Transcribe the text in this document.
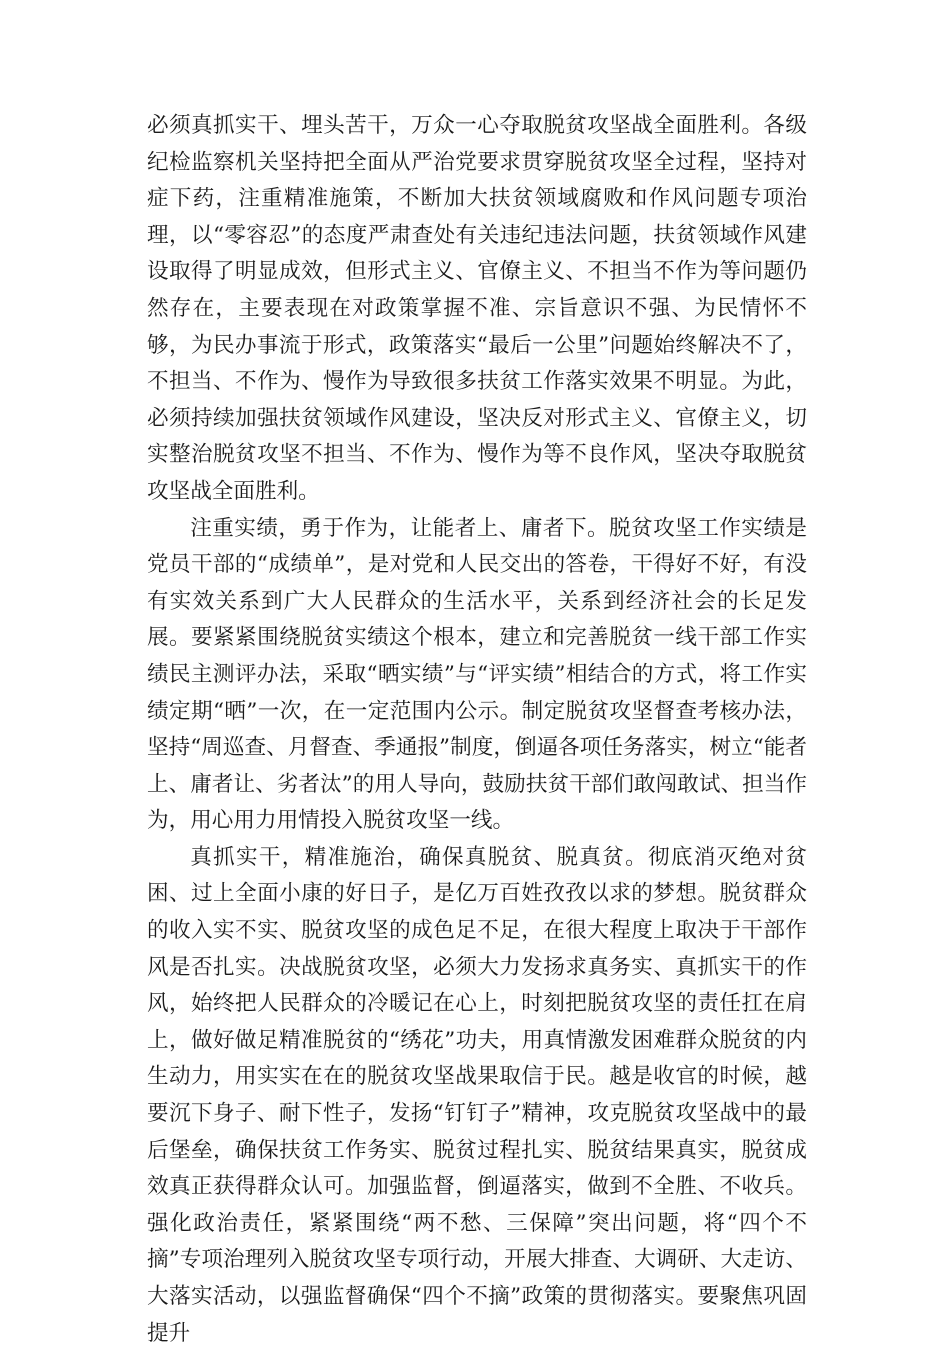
必须真抓实干、埋头苦干，万众一心夺取脱贫攻坚战全面胜利。各级纪检监察机关坚持把全面从严治党要求贯穿脱贫攻坚全过程，坚持对症下药，注重精准施策，不断加大扶贫领域腐败和作风问题专项治理，以“零容忍”的态度严肃查处有关违纪违法问题，扶贫领域作风建设取得了明显成效，但形式主义、官僚主义、不担当不作为等问题仍然存在，主要表现在对政策掌握不准、宗旨意识不强、为民情怀不够，为民办事流于形式，政策落实“最后一公里”问题始终解决不了，不担当、不作为、慢作为导致很多扶贫工作落实效果不明显。为此，必须持续加强扶贫领域作风建设，坚决反对形式主义、官僚主义，切实整治脱贫攻坚不担当、不作为、慢作为等不良作风，坚决夺取脱贫攻坚战全面胜利。

注重实绩，勇于作为，让能者上、庸者下。脱贫攻坚工作实绩是党员干部的“成绩单”，是对党和人民交出的答卷，干得好不好，有没有实效关系到广大人民群众的生活水平，关系到经济社会的长足发展。要紧紧围绕脱贫实绩这个根本，建立和完善脱贫一线干部工作实绩民主测评办法，采取“晒实绩”与“评实绩”相结合的方式，将工作实绩定期“晒”一次，在一定范围内公示。制定脱贫攻坚督查考核办法，坚持“周巡查、月督查、季通报”制度，倒逼各项任务落实，树立“能者上、庸者让、劣者汰”的用人导向，鼓励扶贫干部们敢闯敢试、担当作为，用心用力用情投入脱贫攻坚一线。

真抓实干，精准施治，确保真脱贫、脱真贫。彻底消灭绝对贫困、过上全面小康的好日子，是亿万百姓孜孜以求的梦想。脱贫群众的收入实不实、脱贫攻坚的成色足不足，在很大程度上取决于干部作风是否扎实。决战脱贫攻坚，必须大力发扬求真务实、真抓实干的作风，始终把人民群众的冷暖记在心上，时刻把脱贫攻坚的责任扛在肩上，做好做足精准脱贫的“绣花”功夫，用真情激发困难群众脱贫的内生动力，用实实在在的脱贫攻坚战果取信于民。越是收官的时候，越要沉下身子、耐下性子，发扬“钉钉子”精神，攻克脱贫攻坚战中的最后堡垒，确保扶贫工作务实、脱贫过程扎实、脱贫结果真实，脱贫成效真正获得群众认可。加强监督，倒逼落实，做到不全胜、不收兵。强化政治责任，紧紧围绕“两不愁、三保障”突出问题，将“四个不摘”专项治理列入脱贫攻坚专项行动，开展大排查、大调研、大走访、大落实活动，以强监督确保“四个不摘”政策的贯彻落实。要聚焦巩固提升
